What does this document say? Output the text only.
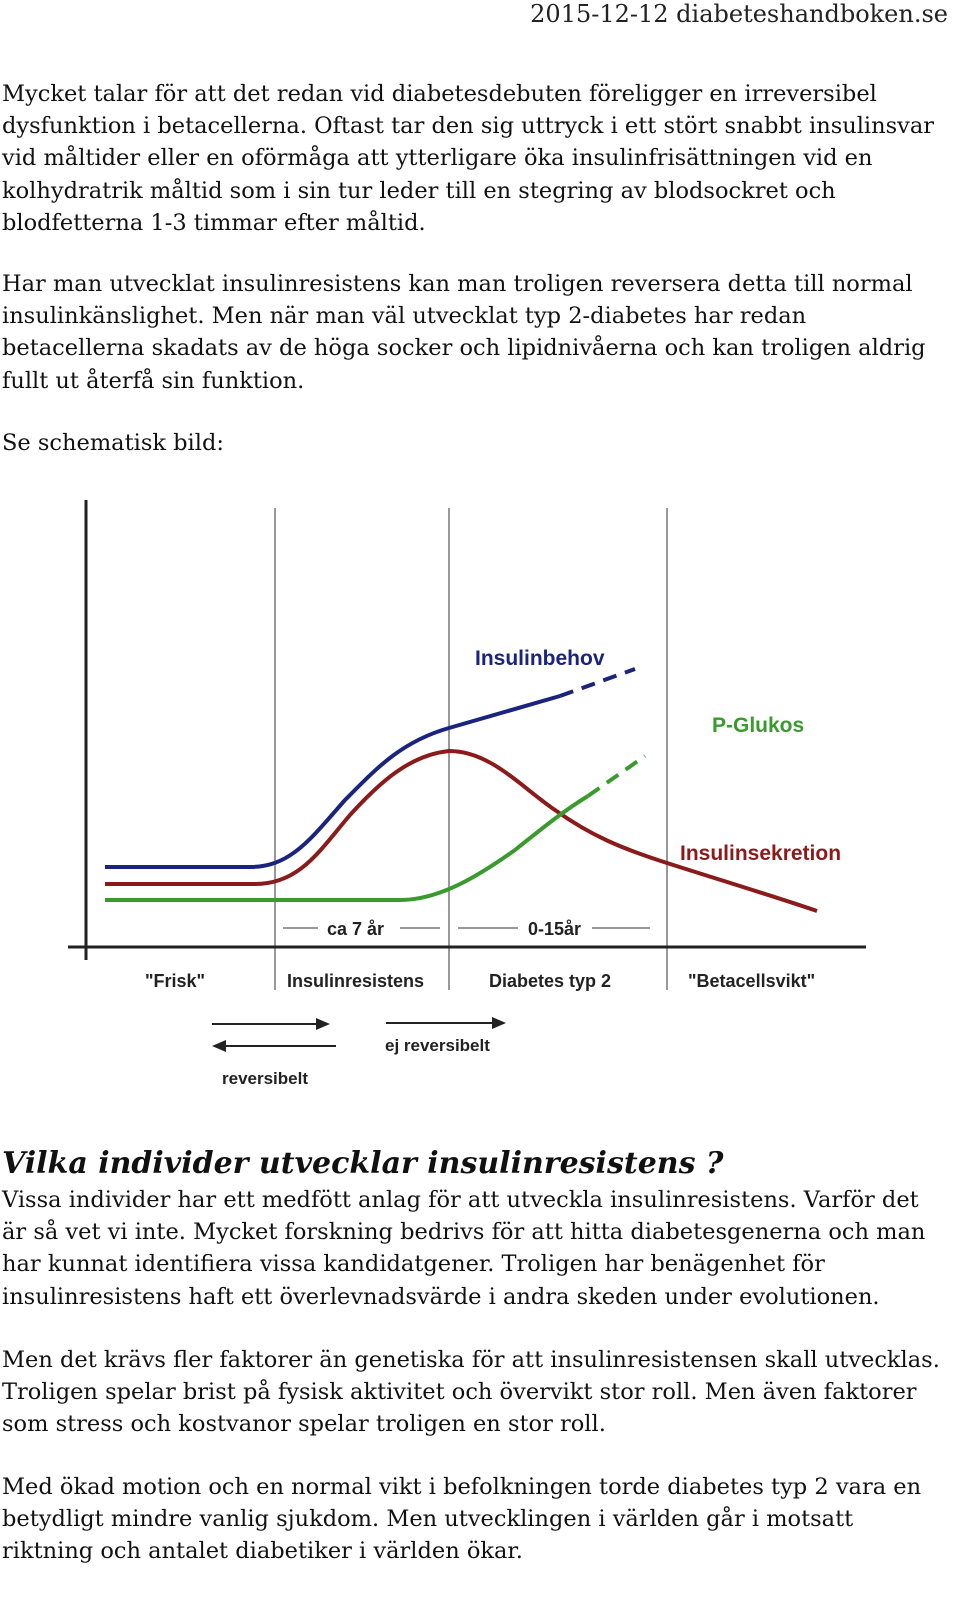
2015-12-12 diabeteshandboken.se

Mycket talar för att det redan vid diabetesdebuten föreligger en irreversibel dysfunktion i betacellerna. Oftast tar den sig uttryck i ett stört snabbt insulinsvar vid måltider eller en oförmåga att ytterligare öka insulinfrisättningen vid en kolhydratrik måltid som i sin tur leder till en stegring av blodsockret och blodfetterna 1-3 timmar efter måltid.

Har man utvecklat insulinresistens kan man troligen reversera detta till normal insulinkänslighet. Men när man väl utvecklat typ 2-diabetes har redan betacellerna skadats av de höga socker och lipidnivåerna och kan troligen aldrig fullt ut återfå sin funktion.

Se schematisk bild:

Insulinbehov
P-Glukos
Insulinsekretion
ca 7 år	0-15år
"Frisk"	Insulinresistens	Diabetes typ 2	"Betacellsvikt"
ej reversibelt
reversibelt
Vilka individer utvecklar insulinresistens ?

Vissa individer har ett medfött anlag för att utveckla insulinresistens. Varför det är så vet vi inte. Mycket forskning bedrivs för att hitta diabetesgenerna och man har kunnat identifiera vissa kandidatgener. Troligen har benägenhet för insulinresistens haft ett överlevnadsvärde i andra skeden under evolutionen.

Men det krävs fler faktorer än genetiska för att insulinresistensen skall utvecklas. Troligen spelar brist på fysisk aktivitet och övervikt stor roll. Men även faktorer som stress och kostvanor spelar troligen en stor roll.

Med ökad motion och en normal vikt i befolkningen torde diabetes typ 2 vara en betydligt mindre vanlig sjukdom. Men utvecklingen i världen går i motsatt riktning och antalet diabetiker i världen ökar.
